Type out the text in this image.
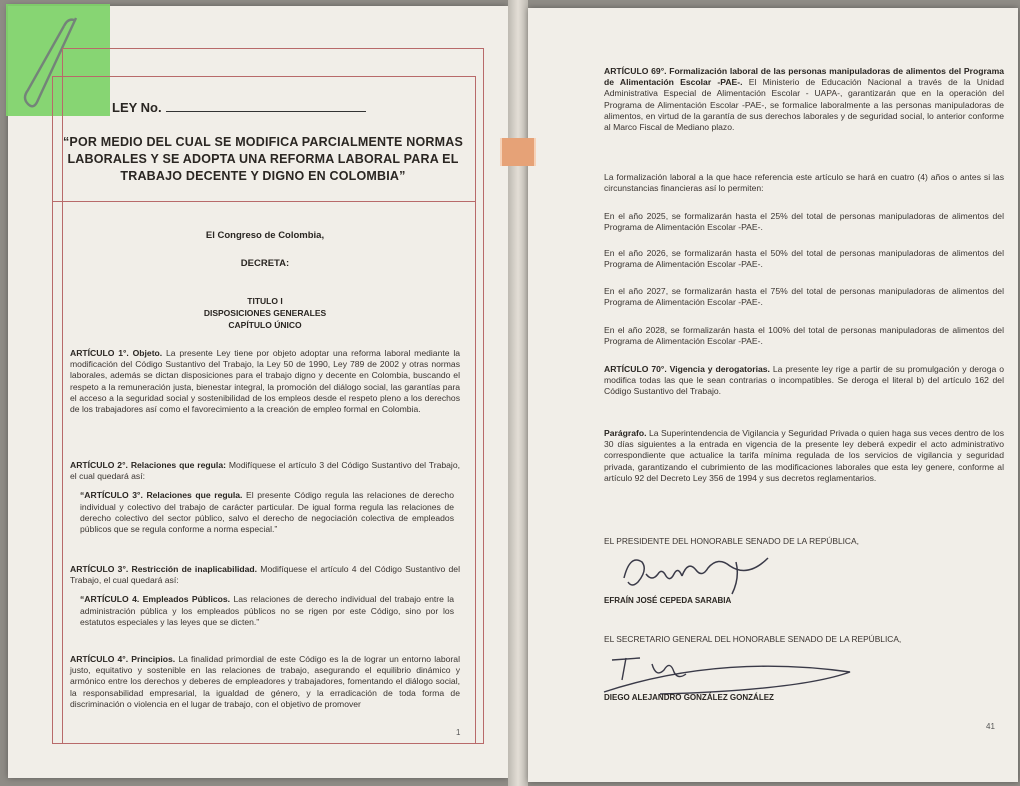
LEY No.
“POR MEDIO DEL CUAL SE MODIFICA PARCIALMENTE NORMAS LABORALES Y SE ADOPTA UNA REFORMA LABORAL PARA EL TRABAJO DECENTE Y DIGNO EN COLOMBIA”
El Congreso de Colombia,
DECRETA:
TITULO I
DISPOSICIONES GENERALES
CAPÍTULO ÚNICO

ARTÍCULO 1°. Objeto. La presente Ley tiene por objeto adoptar una reforma laboral mediante la modificación del Código Sustantivo del Trabajo, la Ley 50 de 1990, Ley 789 de 2002 y otras normas laborales, además se dictan disposiciones para el trabajo digno y decente en Colombia, buscando el respeto a la remuneración justa, bienestar integral, la promoción del diálogo social, las garantías para el acceso a la seguridad social y sostenibilidad de los empleos desde el respeto pleno a los derechos de los trabajadores así como el favorecimiento a la creación de empleo formal en Colombia.

ARTÍCULO 2°. Relaciones que regula: Modifíquese el artículo 3 del Código Sustantivo del Trabajo, el cual quedará así:

“ARTÍCULO 3°. Relaciones que regula. El presente Código regula las relaciones de derecho individual y colectivo del trabajo de carácter particular. De igual forma regula las relaciones de derecho colectivo del sector público, salvo el derecho de negociación colectiva de empleados públicos que se regula conforme a norma especial.”

ARTÍCULO 3°. Restricción de inaplicabilidad. Modifíquese el artículo 4 del Código Sustantivo del Trabajo, el cual quedará así:

“ARTÍCULO 4. Empleados Públicos. Las relaciones de derecho individual del trabajo entre la administración pública y los empleados públicos no se rigen por este Código, sino por los estatutos especiales y las leyes que se dicten.”

ARTÍCULO 4°. Principios. La finalidad primordial de este Código es la de lograr un entorno laboral justo, equitativo y sostenible en las relaciones de trabajo, asegurando el equilibrio dinámico y armónico entre los derechos y deberes de empleadores y trabajadores, fomentando el diálogo social, la responsabilidad empresarial, la igualdad de género, y la erradicación de toda forma de discriminación o violencia en el lugar de trabajo, con el objetivo de promover

1

ARTÍCULO 69°. Formalización laboral de las personas manipuladoras de alimentos del Programa de Alimentación Escolar -PAE-. El Ministerio de Educación Nacional a través de la Unidad Administrativa Especial de Alimentación Escolar - UAPA-, garantizarán que en la operación del Programa de Alimentación Escolar -PAE-, se formalice laboralmente a las personas manipuladoras de alimentos, en virtud de la garantía de sus derechos laborales y de seguridad social, lo anterior conforme al Marco Fiscal de Mediano plazo.

La formalización laboral a la que hace referencia este artículo se hará en cuatro (4) años o antes si las circunstancias financieras así lo permiten:
En el año 2025, se formalizarán hasta el 25% del total de personas manipuladoras de alimentos del Programa de Alimentación Escolar -PAE-.
En el año 2026, se formalizarán hasta el 50% del total de personas manipuladoras de alimentos del Programa de Alimentación Escolar -PAE-.
En el año 2027, se formalizarán hasta el 75% del total de personas manipuladoras de alimentos del Programa de Alimentación Escolar -PAE-.
En el año 2028, se formalizarán hasta el 100% del total de personas manipuladoras de alimentos del Programa de Alimentación Escolar -PAE-.

ARTÍCULO 70°. Vigencia y derogatorias. La presente ley rige a partir de su promulgación y deroga o modifica todas las que le sean contrarias o incompatibles. Se deroga el literal b) del artículo 162 del Código Sustantivo del Trabajo.

Parágrafo. La Superintendencia de Vigilancia y Seguridad Privada o quien haga sus veces dentro de los 30 días siguientes a la entrada en vigencia de la presente ley deberá expedir el acto administrativo correspondiente que actualice la tarifa mínima regulada de los servicios de vigilancia y seguridad privada, garantizando el cubrimiento de las modificaciones laborales que esta ley genere, conforme al artículo 92 del Decreto Ley 356 de 1994 y sus decretos reglamentarios.

EL PRESIDENTE DEL HONORABLE SENADO DE LA REPÚBLICA,
EFRAÍN JOSÉ CEPEDA SARABIA
EL SECRETARIO GENERAL DEL HONORABLE SENADO DE LA REPÚBLICA,
DIEGO ALEJANDRO GONZÁLEZ GONZÁLEZ
41
